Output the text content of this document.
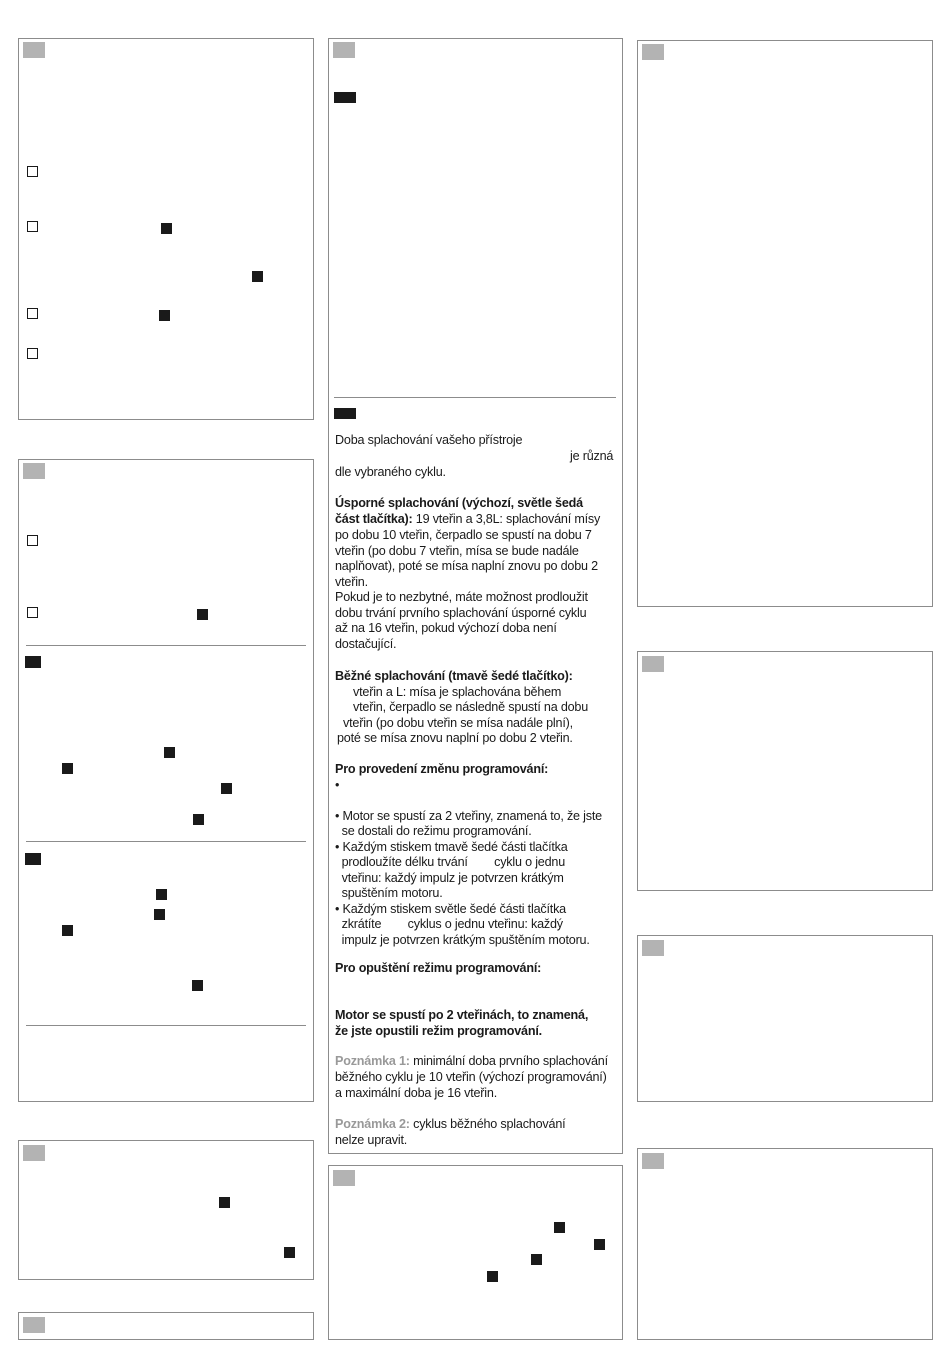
Doba splachování vašeho přístroje
je různá
dle vybraného cyklu.
Úsporné splachování (výchozí, světle šedá
část tlačítka): 19 vteřin a 3,8L: splachování mísy
po dobu 10 vteřin, čerpadlo se spustí na dobu 7
vteřin (po dobu 7 vteřin, mísa se bude nadále
naplňovat), poté se mísa naplní znovu po dobu 2
vteřin.
Pokud je to nezbytné, máte možnost prodloužit
dobu trvání prvního splachování úsporné cyklu
až na 16 vteřin, pokud výchozí doba není
dostačující.
Běžné splachování (tmavě šedé tlačítko):
vteřin a L: mísa je splachována během
vteřin, čerpadlo se následně spustí na dobu
vteřin (po dobu vteřin se mísa nadále plní),
poté se mísa znovu naplní po dobu 2 vteřin.
Pro provedení změnu programování:
•
• Motor se spustí za 2 vteřiny, znamená to, že jste
se dostali do režimu programování.
• Každým stiskem tmavě šedé části tlačítka
prodloužíte délku trvání        cyklu o jednu
vteřinu: každý impulz je potvrzen krátkým
spuštěním motoru.
• Každým stiskem světle šedé části tlačítka
zkrátíte        cyklus o jednu vteřinu: každý
impulz je potvrzen krátkým spuštěním motoru.
Pro opuštění režimu programování:
Motor se spustí po 2 vteřinách, to znamená,
že jste opustili režim programování.
Poznámka 1: minimální doba prvního splachování
běžného cyklu je 10 vteřin (výchozí programování)
a maximální doba je 16 vteřin.
Poznámka 2: cyklus běžného splachování
nelze upravit.
